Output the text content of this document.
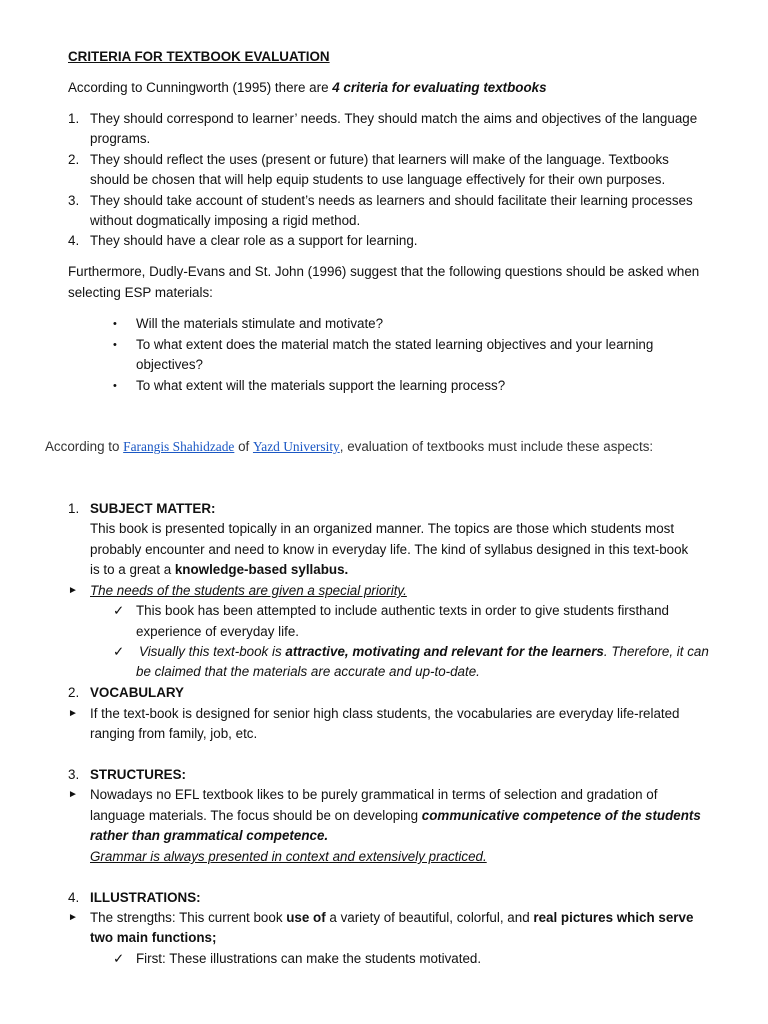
CRITERIA FOR TEXTBOOK EVALUATION
According to Cunningworth (1995) there are 4 criteria for evaluating textbooks
1. They should correspond to learner’ needs. They should match the aims and objectives of the language
programs.
2. They should reflect the uses (present or future) that learners will make of the language. Textbooks
should be chosen that will help equip students to use language effectively for their own purposes.
3. They should take account of student’s needs as learners and should facilitate their learning processes
without dogmatically imposing a rigid method.
4. They should have a clear role as a support for learning.
Furthermore, Dudly-Evans and St. John (1996) suggest that the following questions should be asked when
selecting ESP materials:
• Will the materials stimulate and motivate?
• To what extent does the material match the stated learning objectives and your learning
objectives?
• To what extent will the materials support the learning process?
According to Farangis Shahidzade of Yazd University, evaluation of textbooks must include these aspects:
1. SUBJECT MATTER:
This book is presented topically in an organized manner. The topics are those which students most
probably encounter and need to know in everyday life. The kind of syllabus designed in this text-book
is to a great a knowledge-based syllabus.
► The needs of the students are given a special priority.
✓ This book has been attempted to include authentic texts in order to give students firsthand
experience of everyday life.
✓ Visually this text-book is attractive, motivating and relevant for the learners. Therefore, it can
be claimed that the materials are accurate and up-to-date.
2. VOCABULARY
► If the text-book is designed for senior high class students, the vocabularies are everyday life-related
ranging from family, job, etc.
3. STRUCTURES:
► Nowadays no EFL textbook likes to be purely grammatical in terms of selection and gradation of
language materials. The focus should be on developing communicative competence of the students
rather than grammatical competence.
Grammar is always presented in context and extensively practiced.
4. ILLUSTRATIONS:
► The strengths: This current book use of a variety of beautiful, colorful, and real pictures which serve
two main functions;
✓ First: These illustrations can make the students motivated.
